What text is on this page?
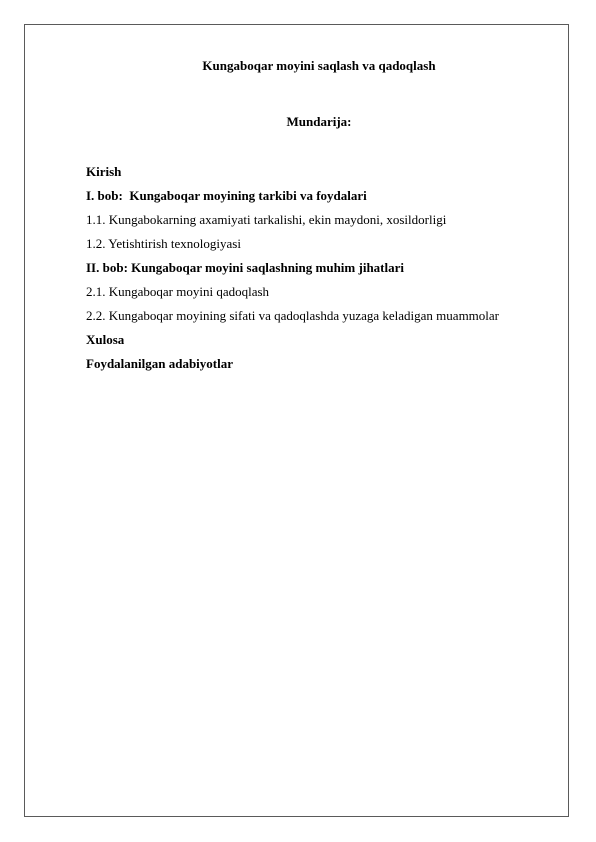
Kungaboqar moyini saqlash va qadoqlash
Mundarija:
Kirish
I. bob:  Kungaboqar moyining tarkibi va foydalari
1.1. Kungabokarning axamiyati tarkalishi, ekin maydoni, xosildorligi
1.2. Yetishtirish texnologiyasi
II. bob: Kungaboqar moyini saqlashning muhim jihatlari
2.1. Kungaboqar moyini qadoqlash
2.2. Kungaboqar moyining sifati va qadoqlashda yuzaga keladigan muammolar
Xulosa
Foydalanilgan adabiyotlar
